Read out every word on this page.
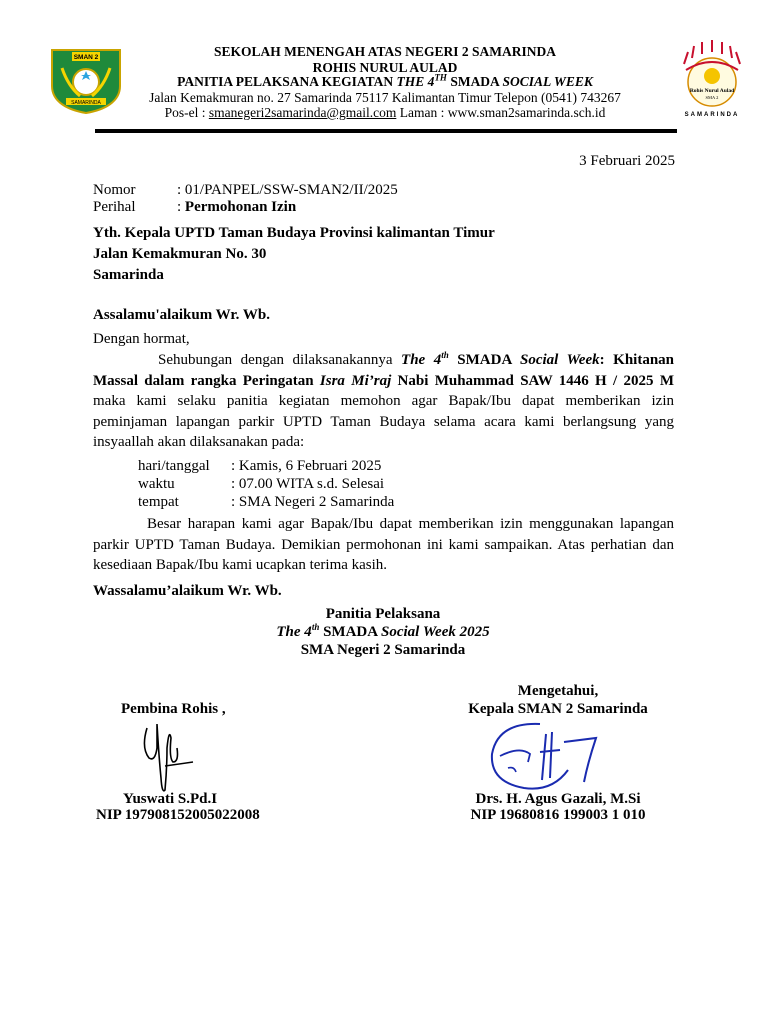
SMAN 2
SAMARINDA
SEKOLAH MENENGAH ATAS NEGERI 2 SAMARINDA
ROHIS NURUL AULAD
PANITIA PELAKSANA KEGIATAN THE 4TH SMADA SOCIAL WEEK
Jalan Kemakmuran no. 27 Samarinda 75117 Kalimantan Timur Telepon (0541) 743267
Pos-el : smanegeri2samarinda@gmail.com Laman : www.sman2samarinda.sch.id
Rohis Nurul Aulad
SMA 2
SAMARINDA
3 Februari 2025
Nomor	: 01/PANPEL/SSW-SMAN2/II/2025
Perihal	: Permohonan Izin
Yth. Kepala UPTD Taman Budaya Provinsi kalimantan Timur
Jalan Kemakmuran No. 30
Samarinda
Assalamu'alaikum Wr. Wb.
Dengan hormat,
Sehubungan dengan dilaksanakannya The 4th SMADA Social Week: Khitanan Massal dalam rangka Peringatan Isra Mi’raj Nabi Muhammad SAW 1446 H / 2025 M maka kami selaku panitia kegiatan memohon agar Bapak/Ibu dapat memberikan izin peminjaman lapangan parkir UPTD Taman Budaya selama acara kami berlangsung yang insyaallah akan dilaksanakan pada:
hari/tanggal	: Kamis, 6 Februari 2025
waktu	: 07.00 WITA s.d. Selesai
tempat	: SMA Negeri 2 Samarinda
Besar harapan kami agar Bapak/Ibu dapat memberikan izin menggunakan lapangan parkir UPTD Taman Budaya. Demikian permohonan ini kami sampaikan. Atas perhatian dan kesediaan Bapak/Ibu kami ucapkan terima kasih.
Wassalamu’alaikum Wr. Wb.
Panitia Pelaksana
The 4th SMADA Social Week 2025
SMA Negeri 2 Samarinda
Pembina Rohis ,
Yuswati S.Pd.I
NIP 197908152005022008
Mengetahui,
Kepala SMAN 2 Samarinda
Drs. H. Agus Gazali, M.Si
NIP 19680816 199003 1 010
